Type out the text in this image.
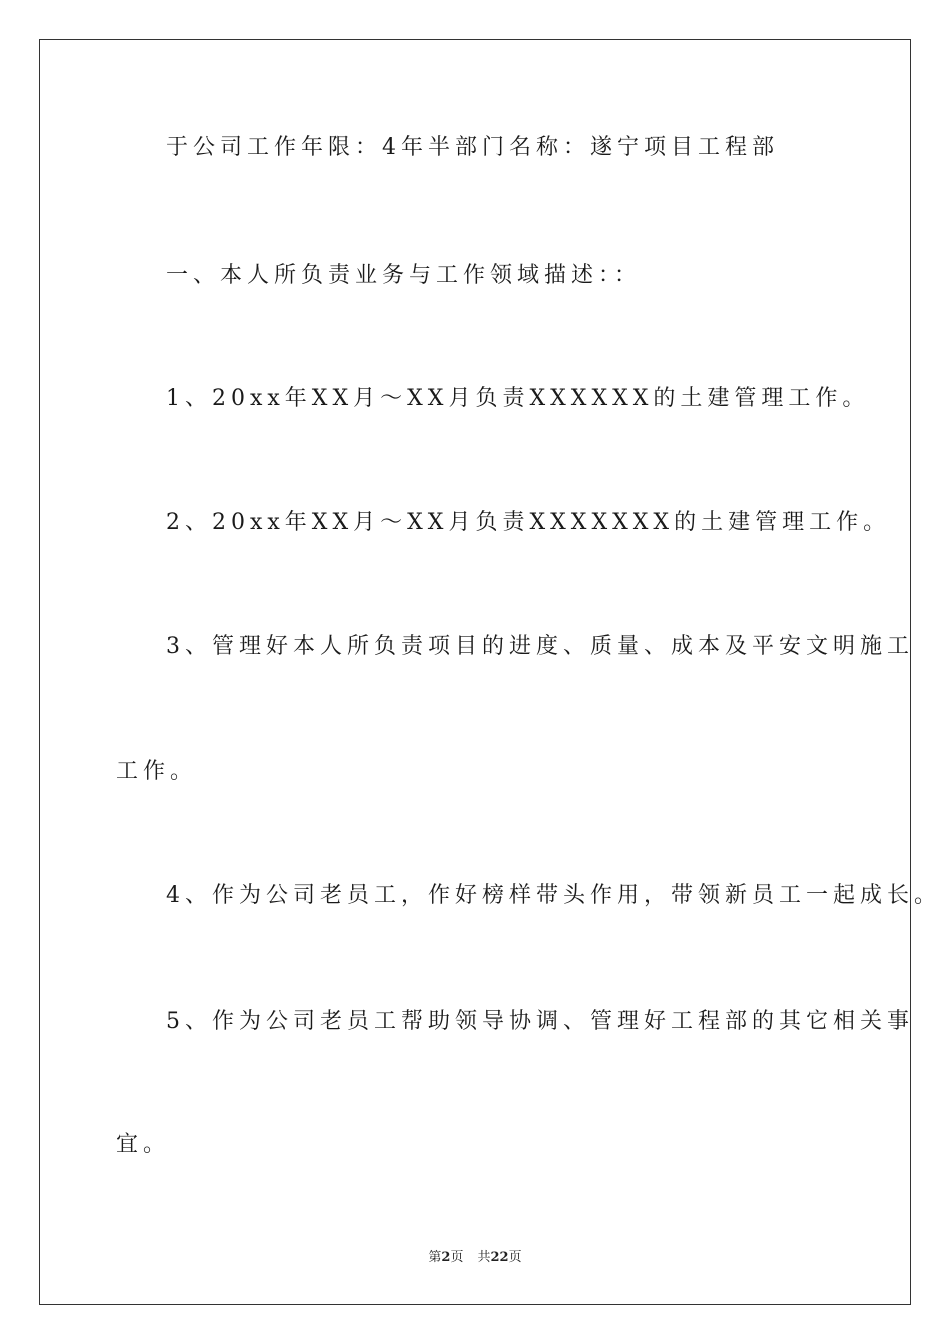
于公司工作年限：4年半部门名称：遂宁项目工程部
一、本人所负责业务与工作领域描述：：
1、20xx年XX月～XX月负责XXXXXX的土建管理工作。
2、20xx年XX月～XX月负责XXXXXXX的土建管理工作。
3、管理好本人所负责项目的进度、质量、成本及平安文明施工
工作。
4、作为公司老员工，作好榜样带头作用，带领新员工一起成长。
5、作为公司老员工帮助领导协调、管理好工程部的其它相关事
宜。
第2页 共22页
